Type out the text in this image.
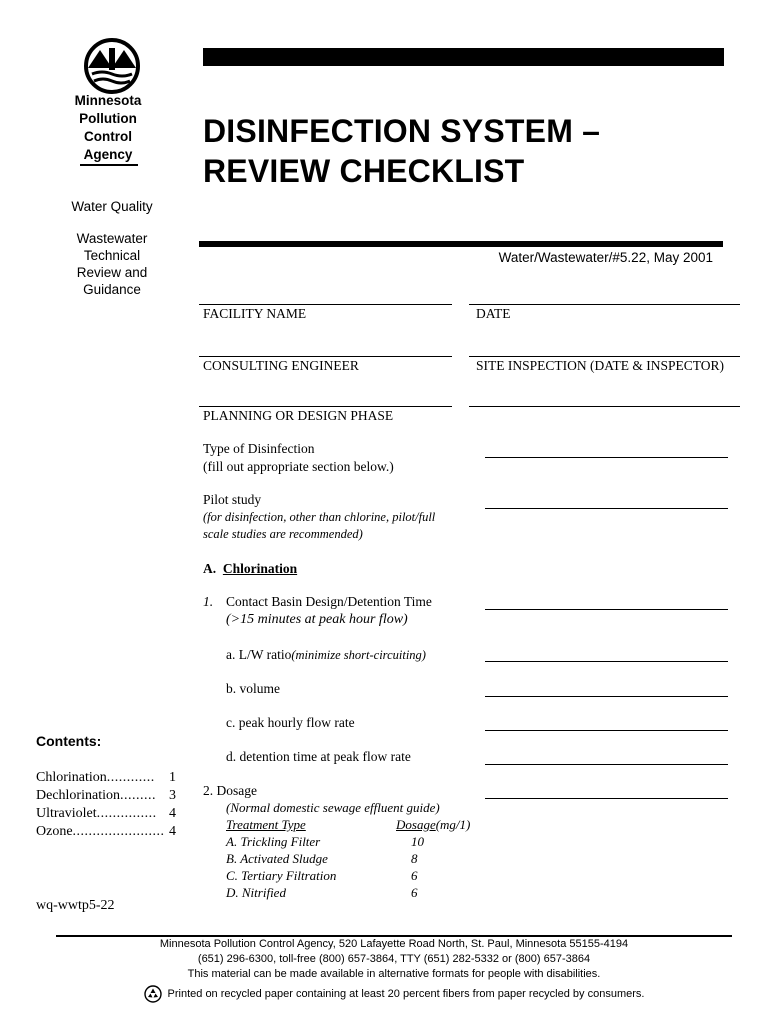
Minnesota
Pollution
Control
Agency
Water Quality
Wastewater
Technical
Review and
Guidance
Contents:
Chlorination ............	1
Dechlorination ......... 3
Ultraviolet ............... 4
Ozone ....................... 4
wq-wwtp5-22
DISINFECTION SYSTEM –
REVIEW CHECKLIST
Water/Wastewater/#5.22, May 2001
FACILITY NAME	DATE
CONSULTING ENGINEER	SITE INSPECTION (DATE & INSPECTOR)
PLANNING OR DESIGN PHASE
Type of Disinfection
(fill out appropriate section below.)
Pilot study
(for disinfection, other than chlorine, pilot/full
scale studies are recommended)
A. Chlorination
1. Contact Basin Design/Detention Time
(>15 minutes at peak hour flow)
a. L/W ratio(minimize short-circuiting)
b. volume
c. peak hourly flow rate
d. detention time at peak flow rate
2. Dosage
(Normal domestic sewage effluent guide)
Treatment Type	Dosage(mg/1)
A. Trickling Filter	10
B. Activated Sludge	8
C. Tertiary Filtration	6
D. Nitrified	6
Minnesota Pollution Control Agency, 520 Lafayette Road North, St. Paul, Minnesota 55155-4194
(651) 296-6300, toll-free (800) 657-3864, TTY (651) 282-5332 or (800) 657-3864
This material can be made available in alternative formats for people with disabilities.
Printed on recycled paper containing at least 20 percent fibers from paper recycled by consumers.
